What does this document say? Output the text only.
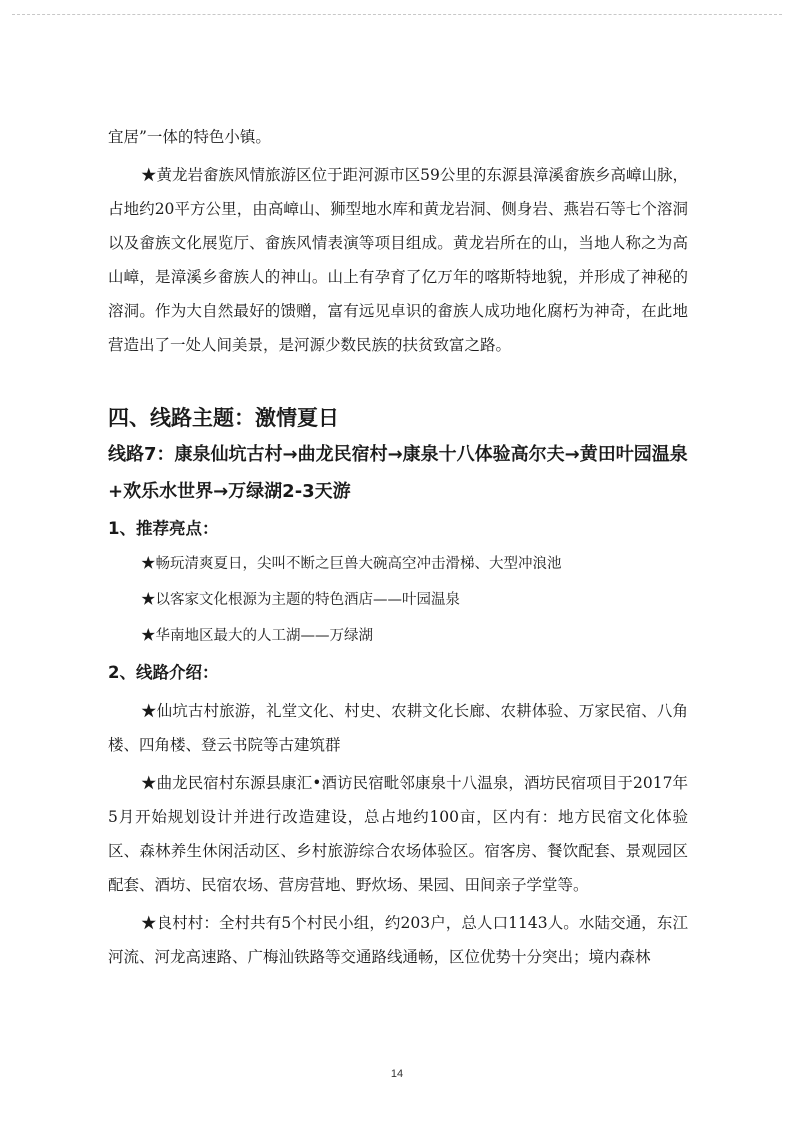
宜居”一体的特色小镇。

★黄龙岩畲族风情旅游区位于距河源市区59公里的东源县漳溪畲族乡高嶂山脉，占地约20平方公里，由高嶂山、狮型地水库和黄龙岩洞、侧身岩、燕岩石等七个溶洞以及畲族文化展览厅、畲族风情表演等项目组成。黄龙岩所在的山，当地人称之为高山嶂，是漳溪乡畲族人的神山。山上有孕育了亿万年的喀斯特地貌，并形成了神秘的溶洞。作为大自然最好的馈赠，富有远见卓识的畲族人成功地化腐朽为神奇，在此地营造出了一处人间美景，是河源少数民族的扶贫致富之路。

四、线路主题：激情夏日
线路7：康泉仙坑古村→曲龙民宿村→康泉十八体验高尔夫→黄田叶园温泉+欢乐水世界→万绿湖2-3天游
1、推荐亮点：

★畅玩清爽夏日，尖叫不断之巨兽大碗高空冲击滑梯、大型冲浪池

★以客家文化根源为主题的特色酒店——叶园温泉

★华南地区最大的人工湖——万绿湖

2、线路介绍：

★仙坑古村旅游，礼堂文化、村史、农耕文化长廊、农耕体验、万家民宿、八角楼、四角楼、登云书院等古建筑群

★曲龙民宿村东源县康汇•酒访民宿毗邻康泉十八温泉，酒坊民宿项目于2017年5月开始规划设计并进行改造建设，总占地约100亩，区内有：地方民宿文化体验区、森林养生休闲活动区、乡村旅游综合农场体验区。宿客房、餐饮配套、景观园区配套、酒坊、民宿农场、营房营地、野炊场、果园、田间亲子学堂等。

★良村村：全村共有5个村民小组，约203户，总人口1143人。水陆交通，东江河流、河龙高速路、广梅汕铁路等交通路线通畅，区位优势十分突出；境内森林

14
